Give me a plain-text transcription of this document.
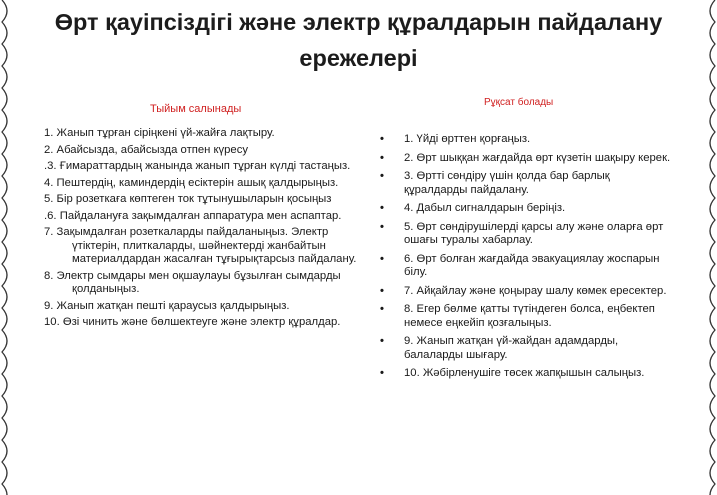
Өрт қауіпсіздігі және электр құралдарын пайдалану ережелері
Тыйым салынады
Рұқсат болады
1. Жанып тұрған сіріңкені үй-жайға лақтыру.
2. Абайсызда, абайсызда отпен күресу
.3. Ғимараттардың жанында жанып тұрған күлді тастаңыз.
4. Пештердің, каминдердің есіктерін ашық қалдырыңыз.
5. Бір розеткаға көптеген ток тұтынушыларын қосыңыз
.6. Пайдалануға зақымдалған аппаратура мен аспаптар.
7. Зақымдалған розеткаларды пайдаланыңыз. Электр үтіктерін, плиткаларды, шәйнектерді жанбайтын материалдардан жасалған тұғырықтарсыз пайдалану.
8. Электр сымдары мен оқшаулауы бұзылған сымдарды қолданыңыз.
9. Жанып жатқан пешті қараусыз қалдырыңыз.
10. Өзі чинить және бөлшектеуге және электр құралдар.
•	1. Үйді өрттен қорғаңыз.
•	2. Өрт шыққан жағдайда өрт күзетін шақыру керек.
•	3. Өртті сөндіру үшін қолда бар барлық құралдарды пайдалану.
•	4. Дабыл сигналдарын беріңіз.
•	5. Өрт сөндірушілерді қарсы алу және оларға өрт ошағы туралы хабарлау.
•	6. Өрт болған жағдайда эвакуациялау жоспарын білу.
•	7. Айқайлау және қоңырау шалу көмек ересектер.
•	8. Егер бөлме қатты түтіндеген болса, еңбектеп немесе еңкейіп қозғалыңыз.
•	9. Жанып жатқан үй-жайдан адамдарды, балаларды шығару.
•	10. Жәбірленушіге төсек жапқышын салыңыз.
